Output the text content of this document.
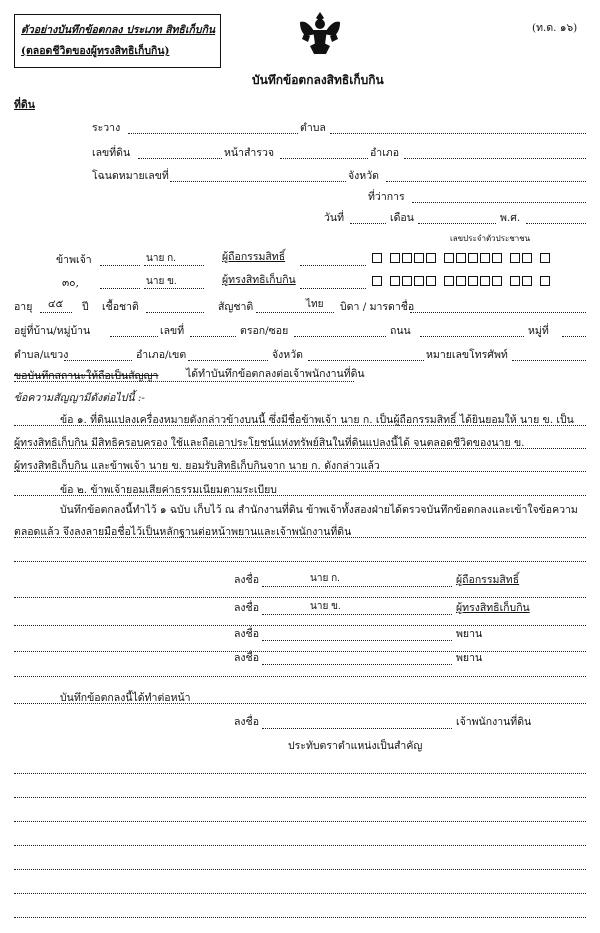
ตัวอย่างบันทึกข้อตกลง ประเภท สิทธิเก็บกิน
(ตลอดชีวิตของผู้ทรงสิทธิเก็บกิน)
(ท.ด. ๑๖)
บันทึกข้อตกลงสิทธิเก็บกิน
ที่ดิน
ระวาง	ตำบล
เลขที่ดิน	หน้าสำรวจ	อำเภอ
โฉนดหมายเลขที่	จังหวัด
ที่ว่าการ
วันที่	เดือน	พ.ศ.
เลขประจำตัวประชาชน
ข้าพเจ้า	นาย ก.	ผู้ถือกรรมสิทธิ์
๓๐,	นาย ข.	ผู้ทรงสิทธิเก็บกิน
อายุ ๔๕ ปี เชื้อชาติ	สัญชาติ	ไทย บิดา / มารดาชื่อ
อยู่ที่บ้าน/หมู่บ้าน	เลขที่	ตรอก/ซอย	ถนน	หมู่ที่
ตำบล/แขวง	อำเภอ/เขต	จังหวัด	หมายเลขโทรศัพท์
ขอบันทึกสถานะให้ถือเป็นสัญญา	ได้ทำบันทึกข้อตกลงต่อเจ้าพนักงานที่ดิน
ข้อความสัญญามีดังต่อไปนี้ :-
ข้อ ๑. ที่ดินแปลงเครื่องหมายดังกล่าวข้างบนนี้ ซึ่งมีชื่อข้าพเจ้า นาย ก. เป็นผู้ถือกรรมสิทธิ์ ได้ยินยอมให้ นาย ข. เป็น
ผู้ทรงสิทธิเก็บกิน มีสิทธิครอบครอง ใช้และถือเอาประโยชน์แห่งทรัพย์สินในที่ดินแปลงนี้ได้ จนตลอดชีวิตของนาย ข.
ผู้ทรงสิทธิเก็บกิน และข้าพเจ้า นาย ข. ยอมรับสิทธิเก็บกินจาก นาย ก. ดังกล่าวแล้ว
ข้อ ๒. ข้าพเจ้ายอมเสียค่าธรรมเนียมตามระเบียบ
บันทึกข้อตกลงนี้ทำไว้ ๑ ฉบับ เก็บไว้ ณ สำนักงานที่ดิน ข้าพเจ้าทั้งสองฝ่ายได้ตรวจบันทึกข้อตกลงและเข้าใจข้อความ
ตลอดแล้ว จึงลงลายมือชื่อไว้เป็นหลักฐานต่อหน้าพยานและเจ้าพนักงานที่ดิน
ลงชื่อ	นาย ก.	ผู้ถือกรรมสิทธิ์
ลงชื่อ	นาย ข.	ผู้ทรงสิทธิเก็บกิน
ลงชื่อ	พยาน
ลงชื่อ	พยาน
บันทึกข้อตกลงนี้ได้ทำต่อหน้า
ลงชื่อ	เจ้าพนักงานที่ดิน
ประทับตราตำแหน่งเป็นสำคัญ
